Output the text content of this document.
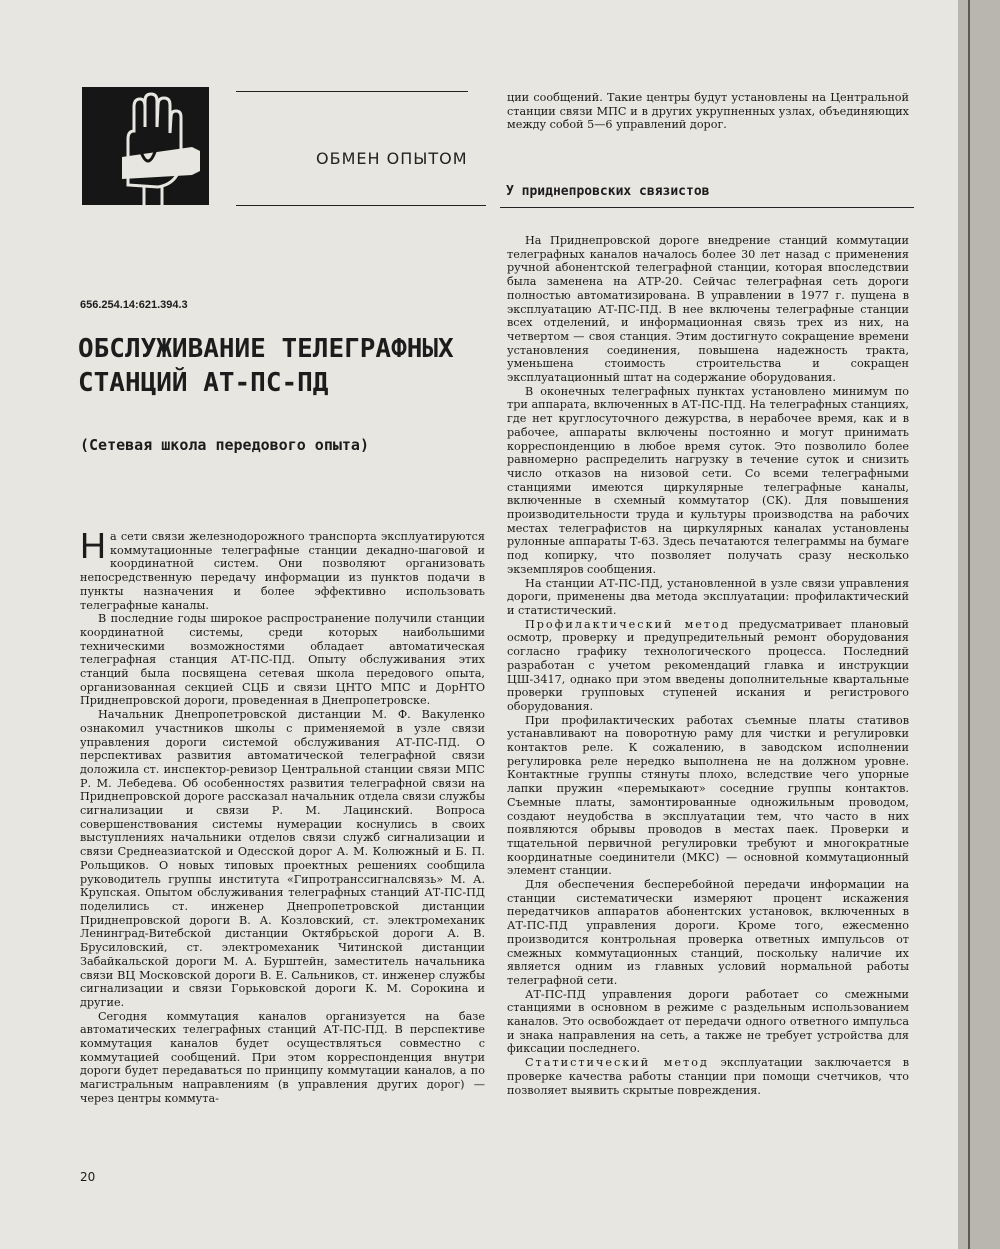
ОБМЕН ОПЫТОМ
У приднепровских связистов
656.254.14:621.394.3
ОБСЛУЖИВАНИЕ ТЕЛЕГРАФНЫХ СТАНЦИЙ АТ-ПС-ПД
(Сетевая школа передового опыта)

На сети связи железнодорожного транспорта эксплуатируются коммутационные телеграфные станции декадно-шаговой и координатной систем. Они позволяют организовать непосредственную передачу информации из пунктов подачи в пункты назначения и более эффективно использовать телеграфные каналы.

В последние годы широкое распространение получили станции координатной системы, среди которых наибольшими техническими возможностями обладает автоматическая телеграфная станция АТ-ПС-ПД. Опыту обслуживания этих станций была посвящена сетевая школа передового опыта, организованная секцией СЦБ и связи ЦНТО МПС и ДорНТО Приднепровской дороги, проведенная в Днепропетровске.

Начальник Днепропетровской дистанции М. Ф. Вакуленко ознакомил участников школы с применяемой в узле связи управления дороги системой обслуживания АТ-ПС-ПД. О перспективах развития автоматической телеграфной связи доложила ст. инспектор-ревизор Центральной станции связи МПС Р. М. Лебедева. Об особенностях развития телеграфной связи на Приднепровской дороге рассказал начальник отдела связи службы сигнализации и связи Р. М. Лацинский. Вопроса совершенствования системы нумерации коснулись в своих выступлениях начальники отделов связи служб сигнализации и связи Среднеазиатской и Одесской дорог А. М. Колюжный и Б. П. Рольщиков. О новых типовых проектных решениях сообщила руководитель группы института «Гипротранссигналсвязь» М. А. Крупская. Опытом обслуживания телеграфных станций АТ-ПС-ПД поделились ст. инженер Днепропетровской дистанции Приднепровской дороги В. А. Козловский, ст. электромеханик Ленинград-Витебской дистанции Октябрьской дороги А. В. Брусиловский, ст. электромеханик Читинской дистанции Забайкальской дороги М. А. Бурштейн, заместитель начальника связи ВЦ Московской дороги В. Е. Сальников, ст. инженер службы сигнализации и связи Горьковской дороги К. М. Сорокина и другие.

Сегодня коммутация каналов организуется на базе автоматических телеграфных станций АТ-ПС-ПД. В перспективе коммутация каналов будет осуществляться совместно с коммутацией сообщений. При этом корреспонденция внутри дороги будет передаваться по принципу коммутации каналов, а по магистральным направлениям (в управления других дорог) — через центры коммута-

ции сообщений. Такие центры будут установлены на Центральной станции связи МПС и в других укрупненных узлах, объединяющих между собой 5—6 управлений дорог.

На Приднепровской дороге внедрение станций коммутации телеграфных каналов началось более 30 лет назад с применения ручной абонентской телеграфной станции, которая впоследствии была заменена на АТР-20. Сейчас телеграфная сеть дороги полностью автоматизирована. В управлении в 1977 г. пущена в эксплуатацию АТ-ПС-ПД. В нее включены телеграфные станции всех отделений, и информационная связь трех из них, на четвертом — своя станция. Этим достигнуто сокращение времени установления соединения, повышена надежность тракта, уменьшена стоимость строительства и сокращен эксплуатационный штат на содержание оборудования.

В оконечных телеграфных пунктах установлено минимум по три аппарата, включенных в АТ-ПС-ПД. На телеграфных станциях, где нет круглосуточного дежурства, в нерабочее время, как и в рабочее, аппараты включены постоянно и могут принимать корреспонденцию в любое время суток. Это позволило более равномерно распределить нагрузку в течение суток и снизить число отказов на низовой сети. Со всеми телеграфными станциями имеются циркулярные телеграфные каналы, включенные в схемный коммутатор (СК). Для повышения производительности труда и культуры производства на рабочих местах телеграфистов на циркулярных каналах установлены рулонные аппараты Т-63. Здесь печатаются телеграммы на бумаге под копирку, что позволяет получать сразу несколько экземпляров сообщения.

На станции АТ-ПС-ПД, установленной в узле связи управления дороги, применены два метода эксплуатации: профилактический и статистический.

Профилактический метод предусматривает плановый осмотр, проверку и предупредительный ремонт оборудования согласно графику технологического процесса. Последний разработан с учетом рекомендаций главка и инструкции ЦШ-3417, однако при этом введены дополнительные квартальные проверки групповых ступеней искания и регистрового оборудования.

При профилактических работах съемные платы стативов устанавливают на поворотную раму для чистки и регулировки контактов реле. К сожалению, в заводском исполнении регулировка реле нередко выполнена не на должном уровне. Контактные группы стянуты плохо, вследствие чего упорные лапки пружин «перемыкают» соседние группы контактов. Съемные платы, замонтированные одножильным проводом, создают неудобства в эксплуатации тем, что часто в них появляются обрывы проводов в местах паек. Проверки и тщательной первичной регулировки требуют и многократные координатные соединители (МКС) — основной коммутационный элемент станции.

Для обеспечения бесперебойной передачи информации на станции систематически измеряют процент искажения передатчиков аппаратов абонентских установок, включенных в АТ-ПС-ПД управления дороги. Кроме того, ежесменно производится контрольная проверка ответных импульсов от смежных коммутационных станций, поскольку наличие их является одним из главных условий нормальной работы телеграфной сети.

АТ-ПС-ПД управления дороги работает со смежными станциями в основном в режиме с раздельным использованием каналов. Это освобождает от передачи одного ответного импульса и знака направления на сеть, а также не требует устройства для фиксации последнего.

Статистический метод эксплуатации заключается в проверке качества работы станции при помощи счетчиков, что позволяет выявить скрытые повреждения.

20
